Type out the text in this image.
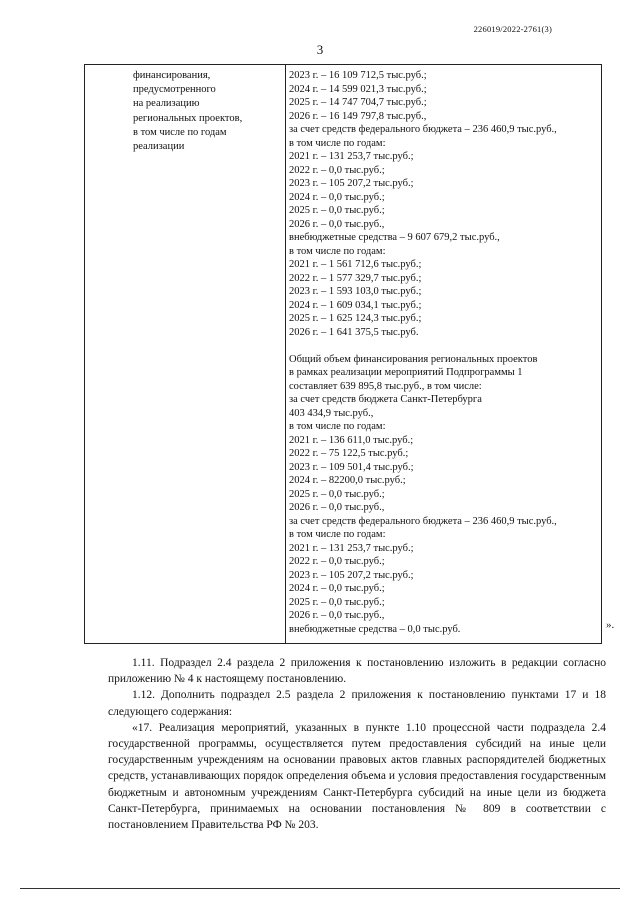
226019/2022-2761(3)
3
финансирования,
предусмотренного
на реализацию
региональных проектов,
в том числе по годам
реализации
2023 г. – 16 109 712,5 тыс.руб.;
2024 г. – 14 599 021,3 тыс.руб.;
2025 г. – 14 747 704,7 тыс.руб.;
2026 г. – 16 149 797,8 тыс.руб.,
за счет средств федерального бюджета – 236 460,9 тыс.руб.,
в том числе по годам:
2021 г. – 131 253,7 тыс.руб.;
2022 г. – 0,0 тыс.руб.;
2023 г. – 105 207,2 тыс.руб.;
2024 г. – 0,0 тыс.руб.;
2025 г. – 0,0 тыс.руб.;
2026 г. – 0,0 тыс.руб.,
внебюджетные средства – 9 607 679,2 тыс.руб.,
в том числе по годам:
2021 г. – 1 561 712,6 тыс.руб.;
2022 г. – 1 577 329,7 тыс.руб.;
2023 г. – 1 593 103,0 тыс.руб.;
2024 г. – 1 609 034,1 тыс.руб.;
2025 г. – 1 625 124,3 тыс.руб.;
2026 г. – 1 641 375,5 тыс.руб.
Общий объем финансирования региональных проектов
в рамках реализации мероприятий Подпрограммы 1
составляет 639 895,8 тыс.руб., в том числе:
за счет средств бюджета Санкт-Петербурга
403 434,9 тыс.руб.,
в том числе по годам:
2021 г. – 136 611,0 тыс.руб.;
2022 г. – 75 122,5 тыс.руб.;
2023 г. – 109 501,4 тыс.руб.;
2024 г. – 82200,0 тыс.руб.;
2025 г. – 0,0 тыс.руб.;
2026 г. – 0,0 тыс.руб.,
за счет средств федерального бюджета – 236 460,9 тыс.руб.,
в том числе по годам:
2021 г. – 131 253,7 тыс.руб.;
2022 г. – 0,0 тыс.руб.;
2023 г. – 105 207,2 тыс.руб.;
2024 г. – 0,0 тыс.руб.;
2025 г. – 0,0 тыс.руб.;
2026 г. – 0,0 тыс.руб.,
внебюджетные средства – 0,0 тыс.руб.	».
1.11. Подраздел 2.4 раздела 2 приложения к постановлению изложить в редакции согласно приложению № 4 к настоящему постановлению.
1.12. Дополнить подраздел 2.5 раздела 2 приложения к постановлению пунктами 17 и 18 следующего содержания:
«17. Реализация мероприятий, указанных в пункте 1.10 процессной части подраздела 2.4 государственной программы, осуществляется путем предоставления субсидий на иные цели государственным учреждениям на основании правовых актов главных распорядителей бюджетных средств, устанавливающих порядок определения объема и условия предоставления государственным бюджетным и автономным учреждениям Санкт-Петербурга субсидий на иные цели из бюджета Санкт-Петербурга, принимаемых на основании постановления № 809 в соответствии с постановлением Правительства РФ № 203.
